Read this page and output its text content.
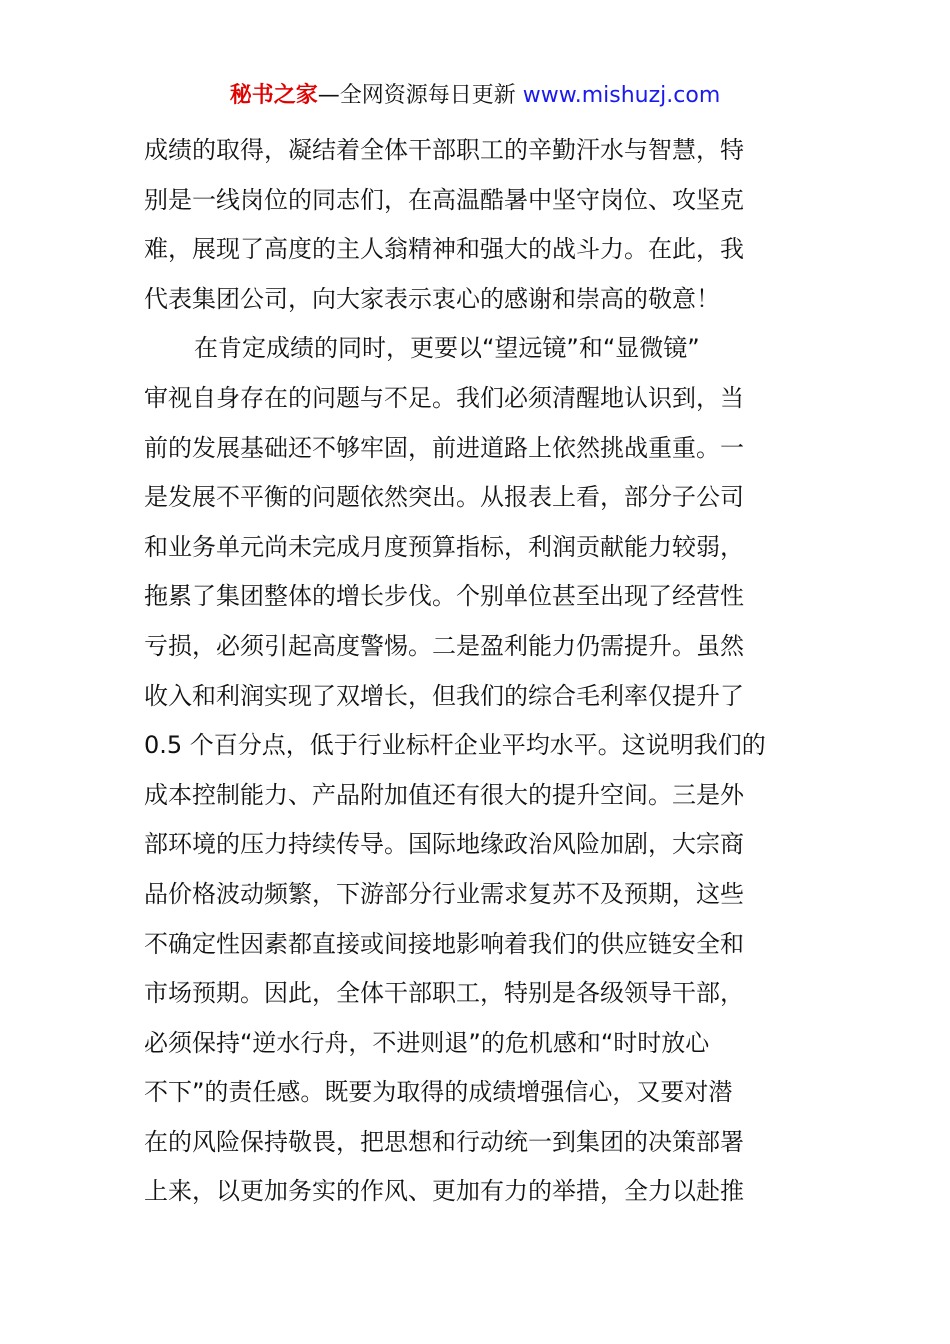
秘书之家—全网资源每日更新 www.mishuzj.com
成绩的取得，凝结着全体干部职工的辛勤汗水与智慧，特
别是一线岗位的同志们，在高温酷暑中坚守岗位、攻坚克
难，展现了高度的主人翁精神和强大的战斗力。在此，我
代表集团公司，向大家表示衷心的感谢和崇高的敬意！
在肯定成绩的同时，更要以“望远镜”和“显微镜”
审视自身存在的问题与不足。我们必须清醒地认识到，当
前的发展基础还不够牢固，前进道路上依然挑战重重。一
是发展不平衡的问题依然突出。从报表上看，部分子公司
和业务单元尚未完成月度预算指标，利润贡献能力较弱，
拖累了集团整体的增长步伐。个别单位甚至出现了经营性
亏损，必须引起高度警惕。二是盈利能力仍需提升。虽然
收入和利润实现了双增长，但我们的综合毛利率仅提升了
0.5 个百分点，低于行业标杆企业平均水平。这说明我们的
成本控制能力、产品附加值还有很大的提升空间。三是外
部环境的压力持续传导。国际地缘政治风险加剧，大宗商
品价格波动频繁，下游部分行业需求复苏不及预期，这些
不确定性因素都直接或间接地影响着我们的供应链安全和
市场预期。因此，全体干部职工，特别是各级领导干部，
必须保持“逆水行舟，不进则退”的危机感和“时时放心
不下”的责任感。既要为取得的成绩增强信心，又要对潜
在的风险保持敬畏，把思想和行动统一到集团的决策部署
上来，以更加务实的作风、更加有力的举措，全力以赴推
